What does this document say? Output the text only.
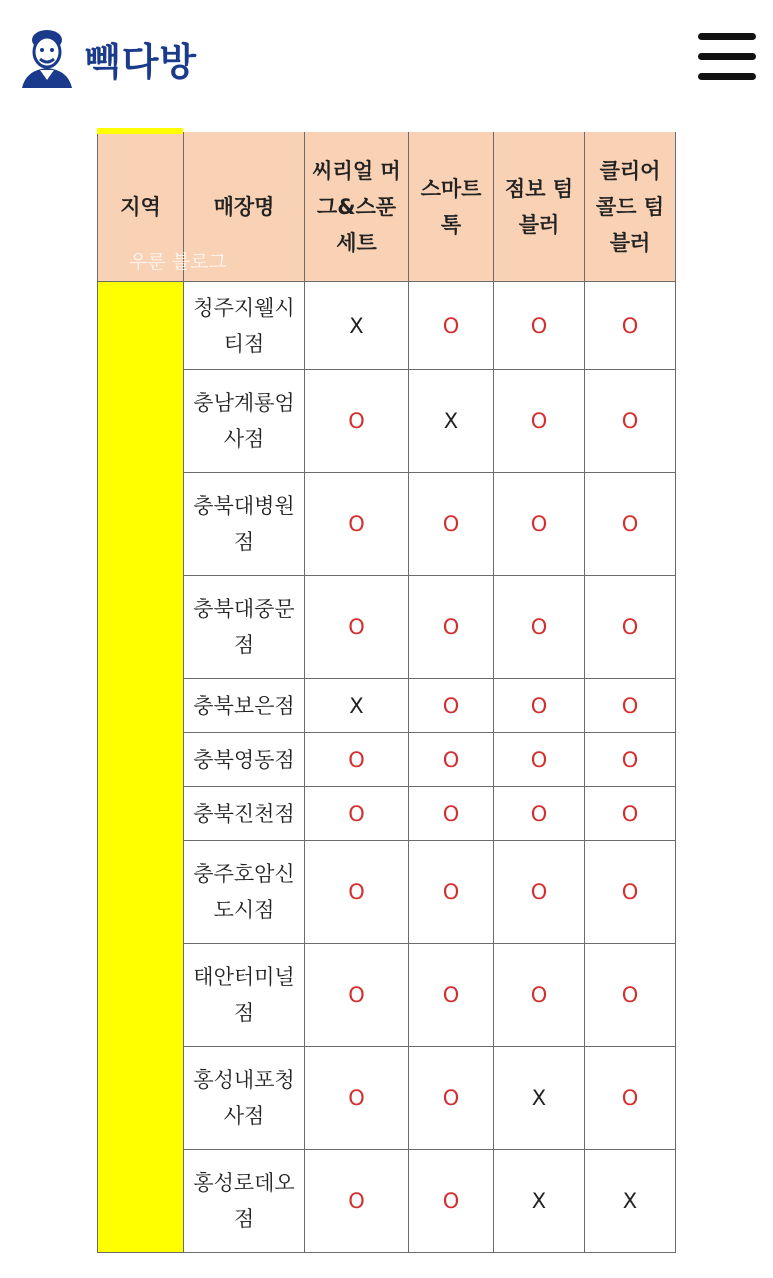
빽다방
지역	매장명	씨리얼 머그&스푼 세트	스마트 톡	점보 텀블러	클리어 콜드 텀블러
	청주지웰시티점	X	O	O	O
	충남계룡엄사점	O	X	O	O
	충북대병원점	O	O	O	O
	충북대중문점	O	O	O	O
	충북보은점	X	O	O	O
	충북영동점	O	O	O	O
	충북진천점	O	O	O	O
	충주호암신도시점	O	O	O	O
	태안터미널점	O	O	O	O
	홍성내포청사점	O	O	X	O
	홍성로데오점	O	O	X	X
우룬 블로그
